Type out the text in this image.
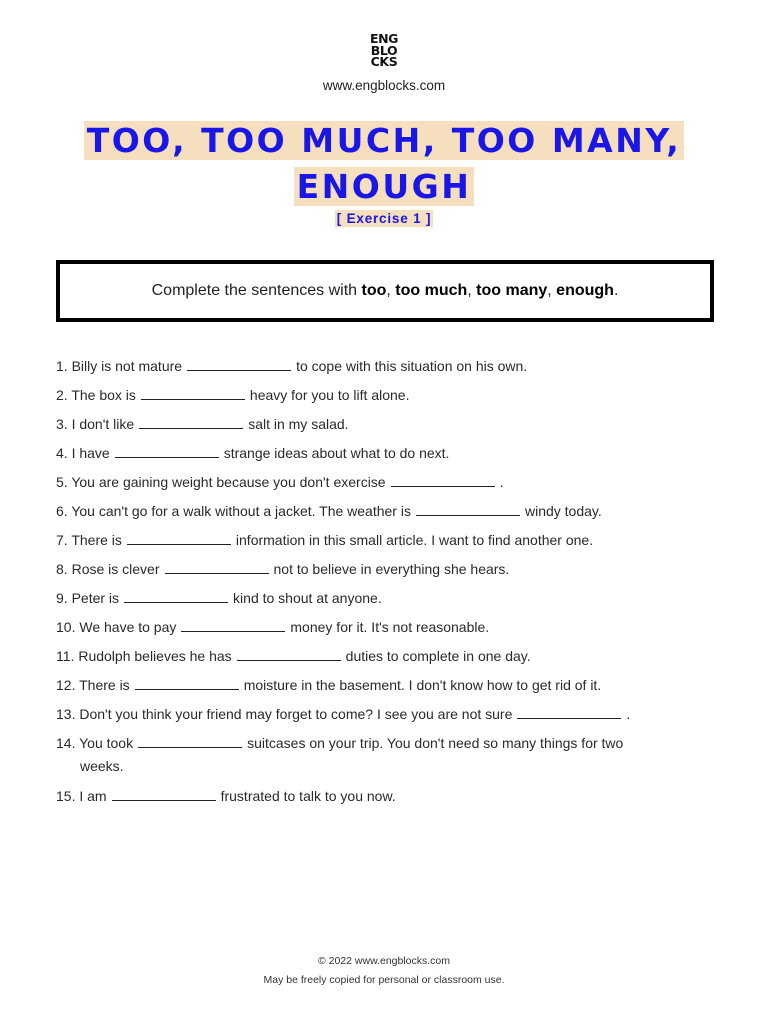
ENG
BLO
CKS
www.engblocks.com
TOO, TOO MUCH, TOO MANY,
ENOUGH
[ Exercise 1 ]
Complete the sentences with too, too much, too many, enough.
1. Billy is not mature	to cope with this situation on his own.
2. The box is	heavy for you to lift alone.
3. I don't like	salt in my salad.
4. I have	strange ideas about what to do next.
5. You are gaining weight because you don't exercise	.
6. You can't go for a walk without a jacket. The weather is	windy today.
7. There is	information in this small article. I want to find another one.
8. Rose is clever	not to believe in everything she hears.
9. Peter is	kind to shout at anyone.
10. We have to pay	money for it. It's not reasonable.
11. Rudolph believes he has	duties to complete in one day.
12. There is	moisture in the basement. I don't know how to get rid of it.
13. Don't you think your friend may forget to come? I see you are not sure	.
14. You took	suitcases on your trip. You don't need so many things for two
weeks.
15. I am	frustrated to talk to you now.
© 2022 www.engblocks.com
May be freely copied for personal or classroom use.
